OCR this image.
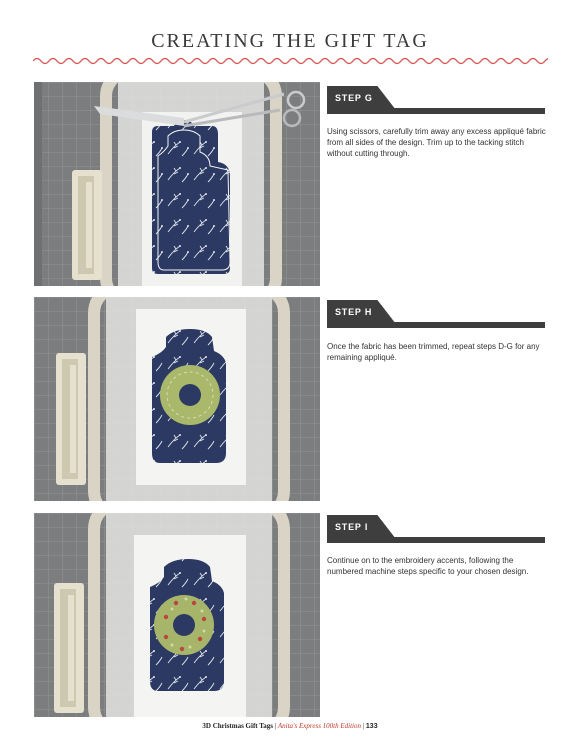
CREATING THE GIFT TAG
STEP G
Using scissors, carefully trim away any excess appliqué fabric from all sides of the design. Trim up to the tacking stitch without cutting through.
STEP H
Once the fabric has been trimmed, repeat steps D-G for any remaining appliqué.
STEP I
Continue on to the embroidery accents, following the numbered machine steps specific to your chosen design.
3D Christmas Gift Tags | Anita's Express 100th Edition | 133
